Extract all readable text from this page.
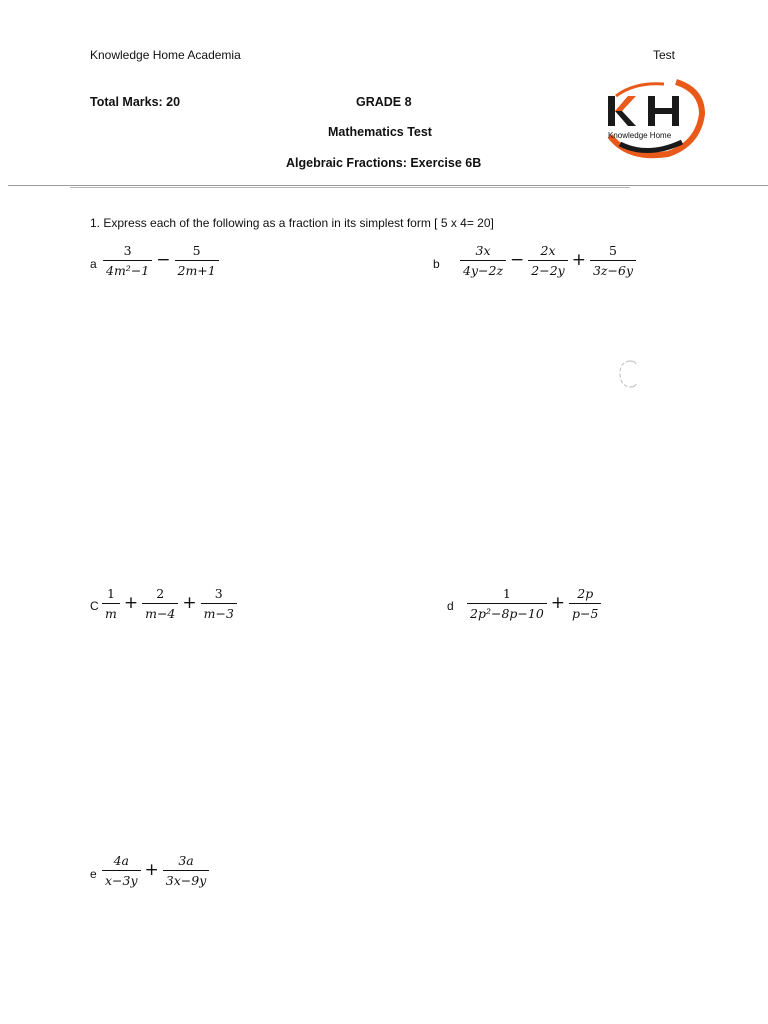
Knowledge Home Academia	Test
Total Marks: 20	GRADE 8
Mathematics Test
Algebraic Fractions: Exercise 6B
Knowledge Home
1. Express each of the following as a fraction in its simplest form [ 5 x 4= 20]
a $\frac{3}{\text{4m²−1}} - \frac{5}{2m+1}$	b $\frac{3x}{4y-2z} - \frac{2x}{2-2y} + \frac{5}{3z-6y}$
C $\frac{1}{m} + \frac{2}{m-4} + \frac{3}{m-3}$	d $\frac{1}{\text{2p²−8p−10}} + \frac{2p}{p-5}$
e $\frac{4a}{x-3y} + \frac{3a}{3x-9y}$
